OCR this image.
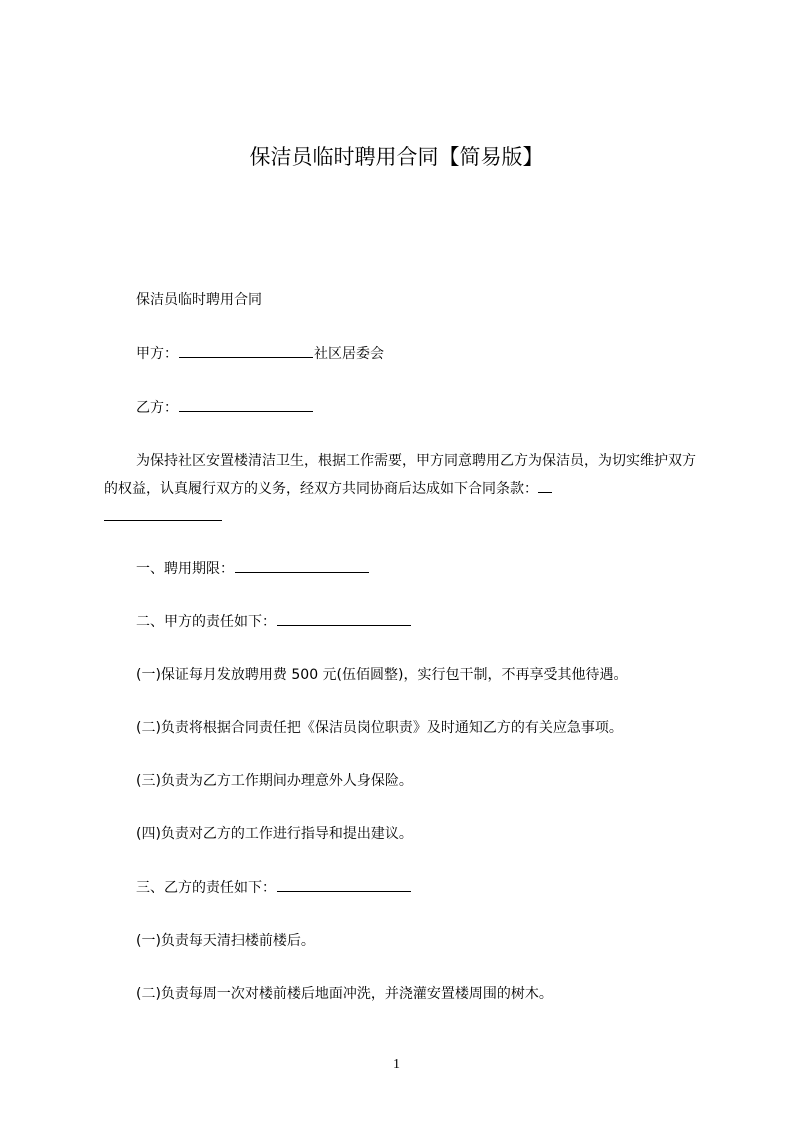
保洁员临时聘用合同【简易版】
保洁员临时聘用合同
甲方：	社区居委会
乙方：
为保持社区安置楼清洁卫生，根据工作需要，甲方同意聘用乙方为保洁员，为切实维护双方的权益，认真履行双方的义务，经双方共同协商后达成如下合同条款：

一、聘用期限：
二、甲方的责任如下：
(一)保证每月发放聘用费 500 元(伍佰圆整)，实行包干制，不再享受其他待遇。
(二)负责将根据合同责任把《保洁员岗位职责》及时通知乙方的有关应急事项。
(三)负责为乙方工作期间办理意外人身保险。
(四)负责对乙方的工作进行指导和提出建议。
三、乙方的责任如下：
(一)负责每天清扫楼前楼后。
(二)负责每周一次对楼前楼后地面冲洗，并浇灌安置楼周围的树木。
1
